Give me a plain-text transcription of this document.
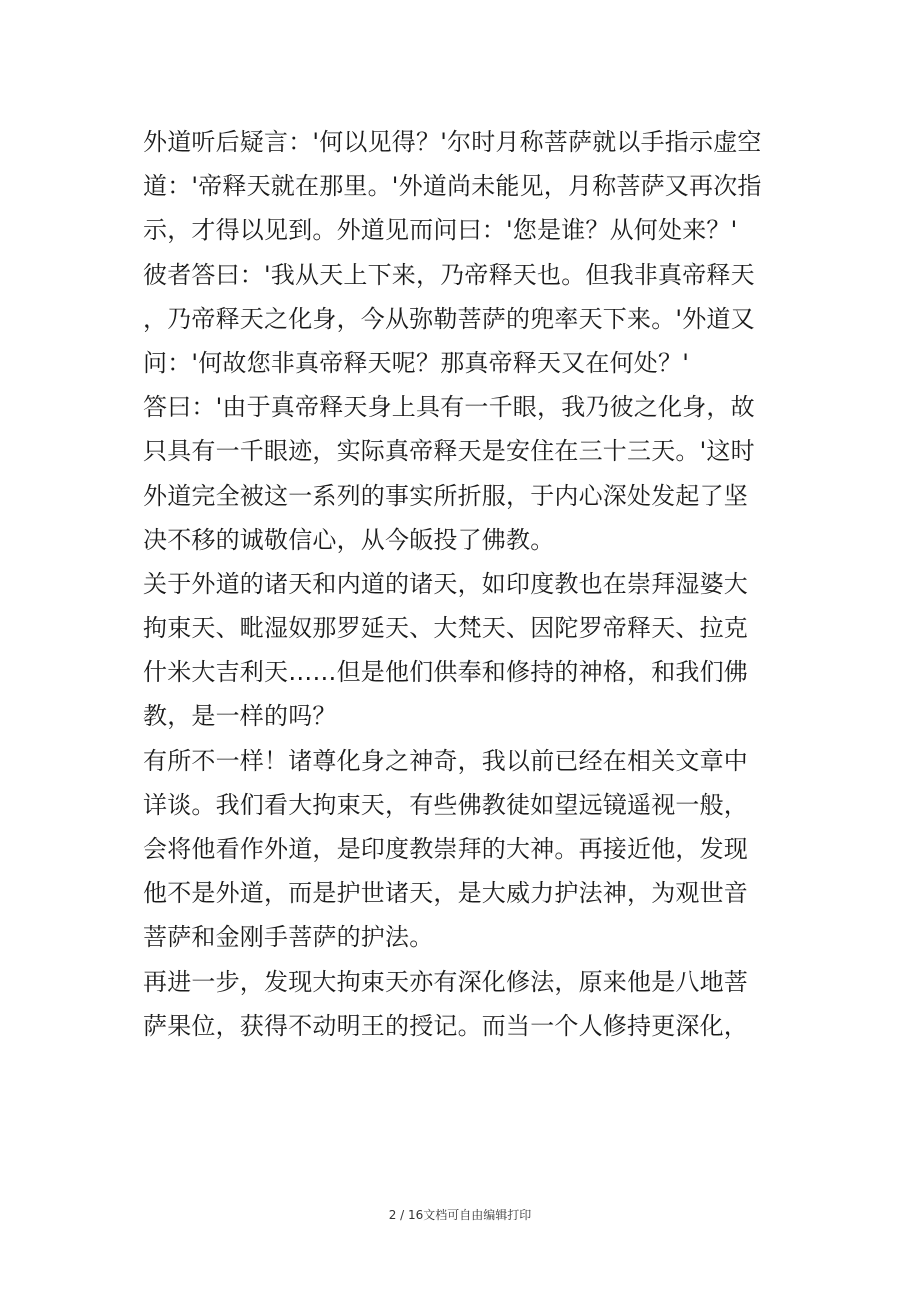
外道听后疑言：'何以见得？'尔时月称菩萨就以手指示虚空
道：'帝释天就在那里。'外道尚未能见，月称菩萨又再次指
示，才得以见到。外道见而问曰：'您是谁？从何处来？'
彼者答曰：'我从天上下来，乃帝释天也。但我非真帝释天
，乃帝释天之化身，今从弥勒菩萨的兜率天下来。'外道又
问：'何故您非真帝释天呢？那真帝释天又在何处？'
答曰：'由于真帝释天身上具有一千眼，我乃彼之化身，故
只具有一千眼迹，实际真帝释天是安住在三十三天。'这时
外道完全被这一系列的事实所折服，于内心深处发起了坚
决不移的诚敬信心，从今皈投了佛教。
关于外道的诸天和内道的诸天，如印度教也在崇拜湿婆大
拘束天、毗湿奴那罗延天、大梵天、因陀罗帝释天、拉克
什米大吉利天……但是他们供奉和修持的神格，和我们佛
教，是一样的吗？
有所不一样！诸尊化身之神奇，我以前已经在相关文章中
详谈。我们看大拘束天，有些佛教徒如望远镜遥视一般，
会将他看作外道，是印度教崇拜的大神。再接近他，发现
他不是外道，而是护世诸天，是大威力护法神，为观世音
菩萨和金刚手菩萨的护法。
再进一步，发现大拘束天亦有深化修法，原来他是八地菩
萨果位，获得不动明王的授记。而当一个人修持更深化，
2 / 16文档可自由编辑打印
